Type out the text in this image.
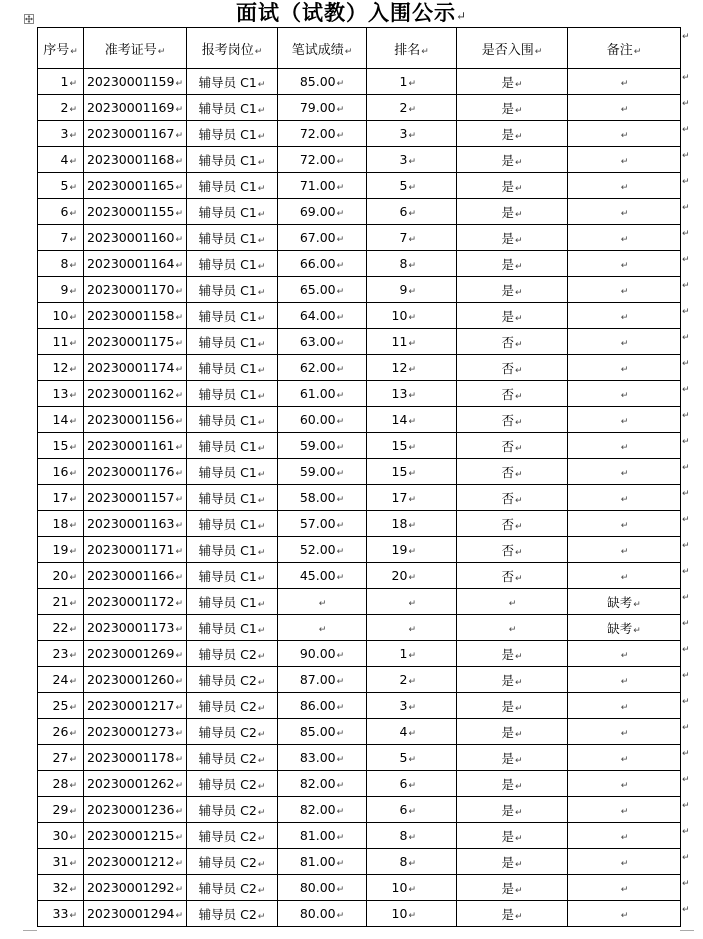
面试（试教）入围公示↵
序号↵	准考证号↵	报考岗位↵	笔试成绩↵	排名↵	是否入围↵	备注↵
1↵	20230001159↵	辅导员 C1↵	85.00↵	1↵	是↵	↵
2↵	20230001169↵	辅导员 C1↵	79.00↵	2↵	是↵	↵
3↵	20230001167↵	辅导员 C1↵	72.00↵	3↵	是↵	↵
4↵	20230001168↵	辅导员 C1↵	72.00↵	3↵	是↵	↵
5↵	20230001165↵	辅导员 C1↵	71.00↵	5↵	是↵	↵
6↵	20230001155↵	辅导员 C1↵	69.00↵	6↵	是↵	↵
7↵	20230001160↵	辅导员 C1↵	67.00↵	7↵	是↵	↵
8↵	20230001164↵	辅导员 C1↵	66.00↵	8↵	是↵	↵
9↵	20230001170↵	辅导员 C1↵	65.00↵	9↵	是↵	↵
10↵	20230001158↵	辅导员 C1↵	64.00↵	10↵	是↵	↵
11↵	20230001175↵	辅导员 C1↵	63.00↵	11↵	否↵	↵
12↵	20230001174↵	辅导员 C1↵	62.00↵	12↵	否↵	↵
13↵	20230001162↵	辅导员 C1↵	61.00↵	13↵	否↵	↵
14↵	20230001156↵	辅导员 C1↵	60.00↵	14↵	否↵	↵
15↵	20230001161↵	辅导员 C1↵	59.00↵	15↵	否↵	↵
16↵	20230001176↵	辅导员 C1↵	59.00↵	15↵	否↵	↵
17↵	20230001157↵	辅导员 C1↵	58.00↵	17↵	否↵	↵
18↵	20230001163↵	辅导员 C1↵	57.00↵	18↵	否↵	↵
19↵	20230001171↵	辅导员 C1↵	52.00↵	19↵	否↵	↵
20↵	20230001166↵	辅导员 C1↵	45.00↵	20↵	否↵	↵
21↵	20230001172↵	辅导员 C1↵	↵	↵	↵	缺考↵
22↵	20230001173↵	辅导员 C1↵	↵	↵	↵	缺考↵
23↵	20230001269↵	辅导员 C2↵	90.00↵	1↵	是↵	↵
24↵	20230001260↵	辅导员 C2↵	87.00↵	2↵	是↵	↵
25↵	20230001217↵	辅导员 C2↵	86.00↵	3↵	是↵	↵
26↵	20230001273↵	辅导员 C2↵	85.00↵	4↵	是↵	↵
27↵	20230001178↵	辅导员 C2↵	83.00↵	5↵	是↵	↵
28↵	20230001262↵	辅导员 C2↵	82.00↵	6↵	是↵	↵
29↵	20230001236↵	辅导员 C2↵	82.00↵	6↵	是↵	↵
30↵	20230001215↵	辅导员 C2↵	81.00↵	8↵	是↵	↵
31↵	20230001212↵	辅导员 C2↵	81.00↵	8↵	是↵	↵
32↵	20230001292↵	辅导员 C2↵	80.00↵	10↵	是↵	↵
33↵	20230001294↵	辅导员 C2↵	80.00↵	10↵	是↵	↵
↵
↵
↵
↵
↵
↵
↵
↵
↵
↵
↵
↵
↵
↵
↵
↵
↵
↵
↵
↵
↵
↵
↵
↵
↵
↵
↵
↵
↵
↵
↵
↵
↵
↵
